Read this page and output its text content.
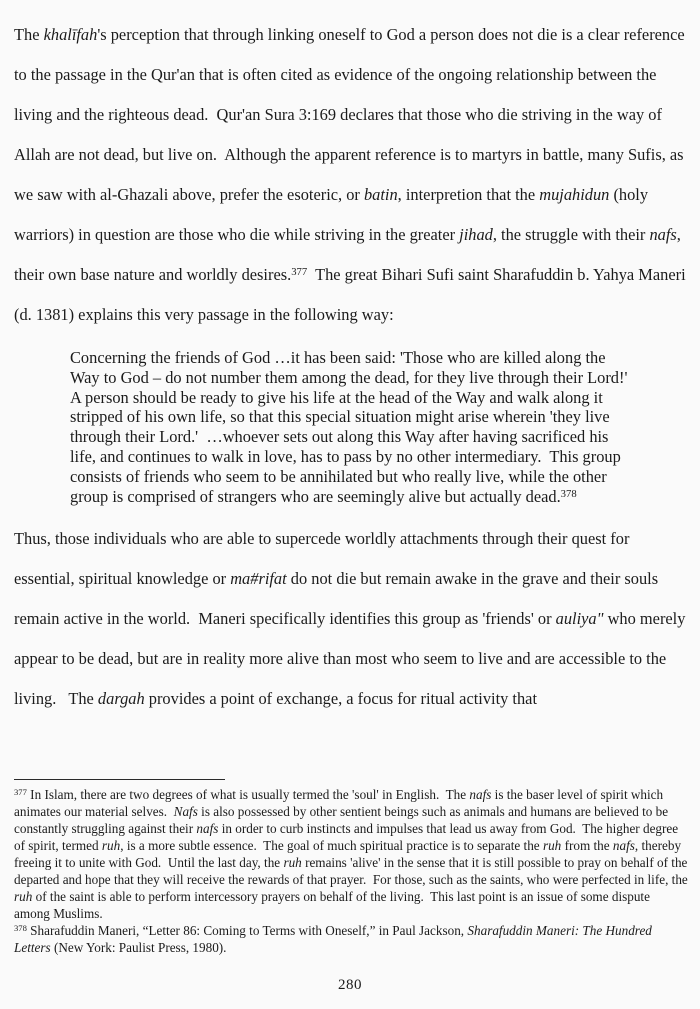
The khalīfah's perception that through linking oneself to God a person does not die is a clear reference to the passage in the Qur'an that is often cited as evidence of the ongoing relationship between the living and the righteous dead.  Qur'an Sura 3:169 declares that those who die striving in the way of Allah are not dead, but live on.  Although the apparent reference is to martyrs in battle, many Sufis, as we saw with al-Ghazali above, prefer the esoteric, or batin, interpretion that the mujahidun (holy warriors) in question are those who die while striving in the greater jihad, the struggle with their nafs, their own base nature and worldly desires.$^{377}$  The great Bihari Sufi saint Sharafuddin b. Yahya Maneri (d. 1381) explains this very passage in the following way:

Concerning the friends of God …it has been said: 'Those who are killed along the Way to God – do not number them among the dead, for they live through their Lord!'  A person should be ready to give his life at the head of the Way and walk along it stripped of his own life, so that this special situation might arise wherein 'they live through their Lord.'  …whoever sets out along this Way after having sacrificed his life, and continues to walk in love, has to pass by no other intermediary.  This group consists of friends who seem to be annihilated but who really live, while the other group is comprised of strangers who are seemingly alive but actually dead.$^{378}$

Thus, those individuals who are able to supercede worldly attachments through their quest for essential, spiritual knowledge or ma#rifat do not die but remain awake in the grave and their souls remain active in the world.  Maneri specifically identifies this group as 'friends' or auliya" who merely appear to be dead, but are in reality more alive than most who seem to live and are accessible to the living.   The dargah provides a point of exchange, a focus for ritual activity that

$^{377}$ In Islam, there are two degrees of what is usually termed the 'soul' in English.  The nafs is the baser level of spirit which animates our material selves.  Nafs is also possessed by other sentient beings such as animals and humans are believed to be constantly struggling against their nafs in order to curb instincts and impulses that lead us away from God.  The higher degree of spirit, termed ruh, is a more subtle essence.  The goal of much spiritual practice is to separate the ruh from the nafs, thereby freeing it to unite with God.  Until the last day, the ruh remains 'alive' in the sense that it is still possible to pray on behalf of the departed and hope that they will receive the rewards of that prayer.  For those, such as the saints, who were perfected in life, the ruh of the saint is able to perform intercessory prayers on behalf of the living.  This last point is an issue of some dispute among Muslims.
$^{378}$ Sharafuddin Maneri, “Letter 86: Coming to Terms with Oneself,” in Paul Jackson, Sharafuddin Maneri: The Hundred Letters (New York: Paulist Press, 1980).
280
